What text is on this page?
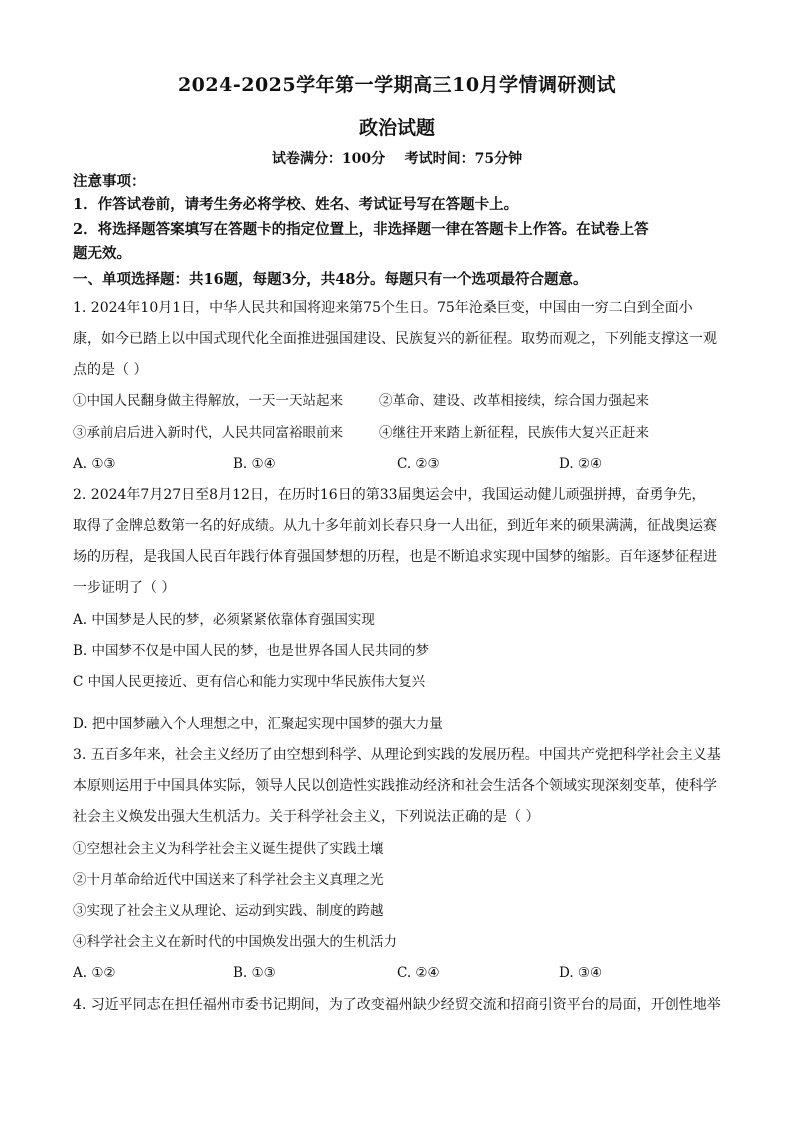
2024-2025学年第一学期高三10月学情调研测试
政治试题
试卷满分：100分    考试时间：75分钟
注意事项：
1．作答试卷前，请考生务必将学校、姓名、考试证号写在答题卡上。
2．将选择题答案填写在答题卡的指定位置上，非选择题一律在答题卡上作答。在试卷上答
题无效。
一、单项选择题：共16题，每题3分，共48分。每题只有一个选项最符合题意。
1. 2024年10月1日，中华人民共和国将迎来第75个生日。75年沧桑巨变，中国由一穷二白到全面小
康，如今已踏上以中国式现代化全面推进强国建设、民族复兴的新征程。取势而观之，下列能支撑这一观
点的是（ ）
①中国人民翻身做主得解放，一天一天站起来	②革命、建设、改革相接续，综合国力强起来
③承前启后进入新时代，人民共同富裕眼前来	④继往开来踏上新征程，民族伟大复兴正赶来
A. ①③	B. ①④	C. ②③	D. ②④
2. 2024年7月27日至8月12日，在历时16日的第33届奥运会中，我国运动健儿顽强拼搏，奋勇争先，
取得了金牌总数第一名的好成绩。从九十多年前刘长春只身一人出征，到近年来的硕果满满，征战奥运赛
场的历程，是我国人民百年践行体育强国梦想的历程，也是不断追求实现中国梦的缩影。百年逐梦征程进
一步证明了（ ）
A. 中国梦是人民的梦，必须紧紧依靠体育强国实现
B. 中国梦不仅是中国人民的梦，也是世界各国人民共同的梦
C 中国人民更接近、更有信心和能力实现中华民族伟大复兴
D. 把中国梦融入个人理想之中，汇聚起实现中国梦的强大力量
3. 五百多年来，社会主义经历了由空想到科学、从理论到实践的发展历程。中国共产党把科学社会主义基
本原则运用于中国具体实际，领导人民以创造性实践推动经济和社会生活各个领域实现深刻变革，使科学
社会主义焕发出强大生机活力。关于科学社会主义，下列说法正确的是（ ）
①空想社会主义为科学社会主义诞生提供了实践土壤
②十月革命给近代中国送来了科学社会主义真理之光
③实现了社会主义从理论、运动到实践、制度的跨越
④科学社会主义在新时代的中国焕发出强大的生机活力
A. ①②	B. ①③	C. ②④	D. ③④
4. 习近平同志在担任福州市委书记期间，为了改变福州缺少经贸交流和招商引资平台的局面，开创性地举
